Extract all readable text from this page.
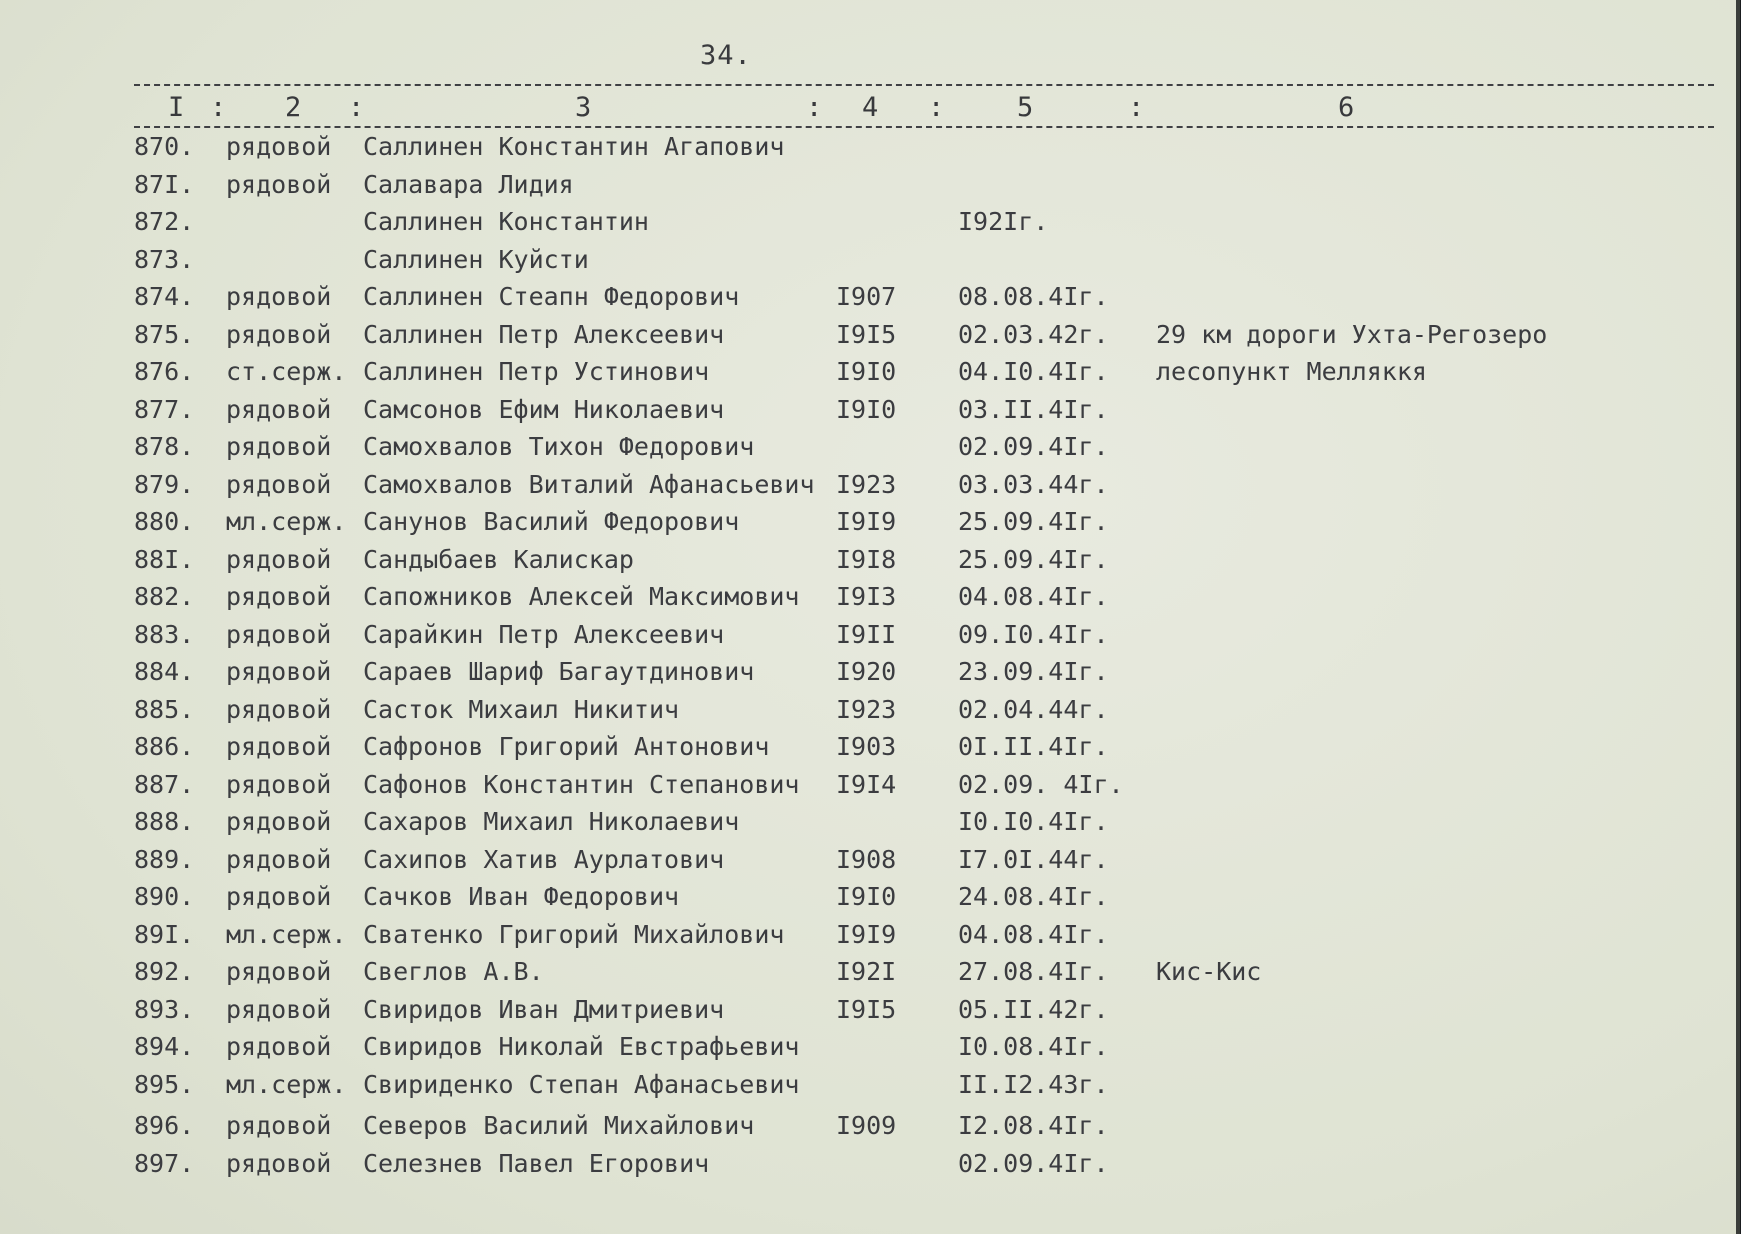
34.
I : 2 :	3	: 4 :	5	:	6
870. рядовой Саллинен Константин Агапович
87I. рядовой Салавара Лидия
872.	Саллинен Константин	I92Iг.
873.	Саллинен Куйсти
874. рядовой Саллинен Стеапн Федорович	I907 08.08.4Iг.
875. рядовой Саллинен Петр Алексеевич	I9I5 02.03.42г. 29 км дороги Ухта-Регозеро
876. ст.серж. Саллинен Петр Устинович	I9I0 04.I0.4Iг. лесопункт Мелляккя
877. рядовой Самсонов Ефим Николаевич	I9I0 03.II.4Iг.
878. рядовой Самохвалов Тихон Федорович	02.09.4Iг.
879. рядовой Самохвалов Виталий Афанасьевич I923 03.03.44г.
880. мл.серж. Санунов Василий Федорович	I9I9 25.09.4Iг.
88I. рядовой Сандыбаев Калискар	I9I8 25.09.4Iг.
882. рядовой Сапожников Алексей Максимович I9I3 04.08.4Iг.
883. рядовой Сарайкин Петр Алексеевич	I9II 09.I0.4Iг.
884. рядовой Сараев Шариф Багаутдинович	I920 23.09.4Iг.
885. рядовой Састок Михаил Никитич	I923 02.04.44г.
886. рядовой Сафронов Григорий Антонович	I903 0I.II.4Iг.
887. рядовой Сафонов Константин Степанович I9I4 02.09. 4Iг.
888. рядовой Сахаров Михаил Николаевич	I0.I0.4Iг.
889. рядовой Сахипов Хатив Аурлатович	I908 I7.0I.44г.
890. рядовой Сачков Иван Федорович	I9I0 24.08.4Iг.
89I. мл.серж. Сватенко Григорий Михайлович I9I9 04.08.4Iг.
892. рядовой Свеглов А.В.	I92I 27.08.4Iг. Кис-Кис
893. рядовой Свиридов Иван Дмитриевич	I9I5 05.II.42г.
894. рядовой Свиридов Николай Евстрафьевич	I0.08.4Iг.
895. мл.серж. Свириденко Степан Афанасьевич	II.I2.43г.
896. рядовой Северов Василий Михайлович	I909 I2.08.4Iг.
897. рядовой Селезнев Павел Егорович	02.09.4Iг.
